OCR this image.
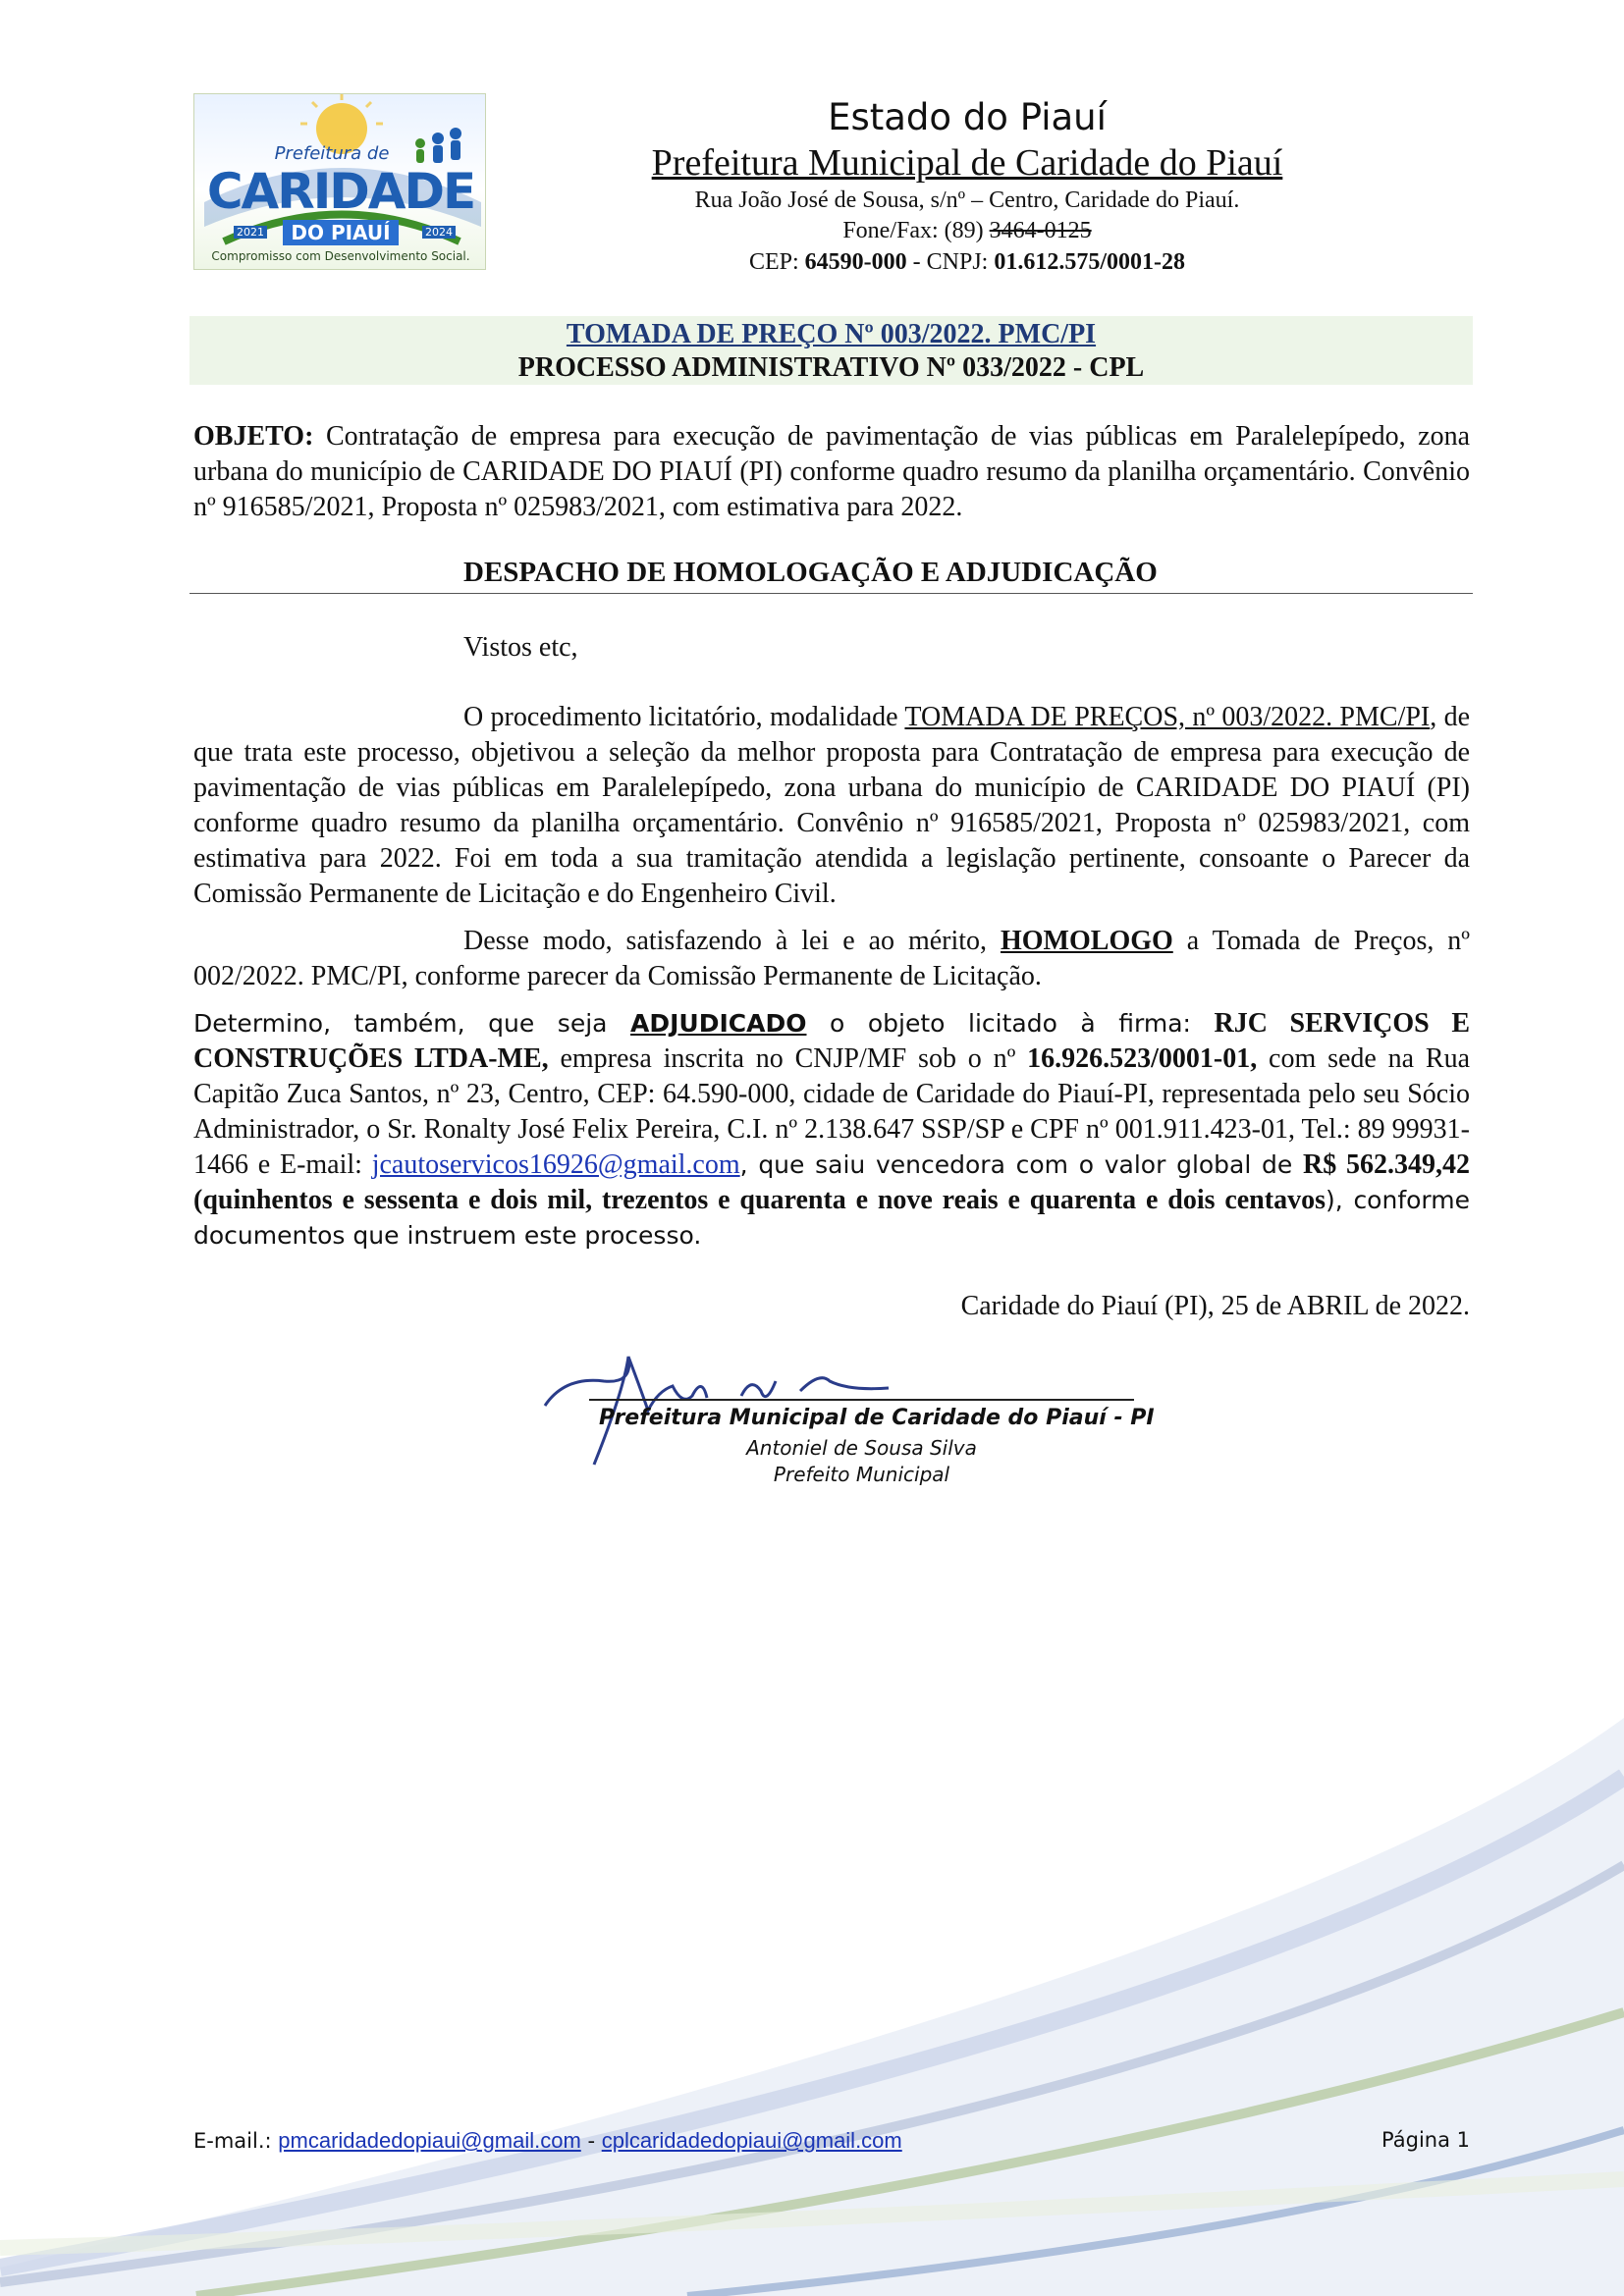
Prefeitura de
CARIDADE
DO PIAUÍ
2021	2024
Compromisso com Desenvolvimento Social.
Estado do Piauí
Prefeitura Municipal de Caridade do Piauí
Rua João José de Sousa, s/nº – Centro, Caridade do Piauí.
Fone/Fax: (89) 3464-0125
CEP: 64590-000 - CNPJ: 01.612.575/0001-28
TOMADA DE PREÇO Nº 003/2022. PMC/PI
PROCESSO ADMINISTRATIVO Nº 033/2022 - CPL
OBJETO: Contratação de empresa para execução de pavimentação de vias públicas em Paralelepípedo, zona urbana do município de CARIDADE DO PIAUÍ (PI) conforme quadro resumo da planilha orçamentário. Convênio nº 916585/2021, Proposta nº 025983/2021, com estimativa para 2022.
DESPACHO DE HOMOLOGAÇÃO E ADJUDICAÇÃO
Vistos etc,
O procedimento licitatório, modalidade TOMADA DE PREÇOS, nº 003/2022. PMC/PI, de que trata este processo, objetivou a seleção da melhor proposta para Contratação de empresa para execução de pavimentação de vias públicas em Paralelepípedo, zona urbana do município de CARIDADE DO PIAUÍ (PI) conforme quadro resumo da planilha orçamentário. Convênio nº 916585/2021, Proposta nº 025983/2021, com estimativa para 2022. Foi em toda a sua tramitação atendida a legislação pertinente, consoante o Parecer da Comissão Permanente de Licitação e do Engenheiro Civil.
Desse modo, satisfazendo à lei e ao mérito, HOMOLOGO a Tomada de Preços, nº 002/2022. PMC/PI, conforme parecer da Comissão Permanente de Licitação.
Determino, também, que seja ADJUDICADO o objeto licitado à firma: RJC SERVIÇOS E CONSTRUÇÕES LTDA-ME, empresa inscrita no CNJP/MF sob o nº 16.926.523/0001-01, com sede na Rua Capitão Zuca Santos, nº 23, Centro, CEP: 64.590-000, cidade de Caridade do Piauí-PI, representada pelo seu Sócio Administrador, o Sr. Ronalty José Felix Pereira, C.I. nº 2.138.647 SSP/SP e CPF nº 001.911.423-01, Tel.: 89 99931-1466 e E-mail: jcautoservicos16926@gmail.com, que saiu vencedora com o valor global de R$ 562.349,42 (quinhentos e sessenta e dois mil, trezentos e quarenta e nove reais e quarenta e dois centavos), conforme documentos que instruem este processo.
Caridade do Piauí (PI), 25 de ABRIL de 2022.
Prefeitura Municipal de Caridade do Piauí - PI
Antoniel de Sousa Silva
Prefeito Municipal
E-mail.: pmcaridadedopiaui@gmail.com - cplcaridadedopiaui@gmail.com	Página 1
